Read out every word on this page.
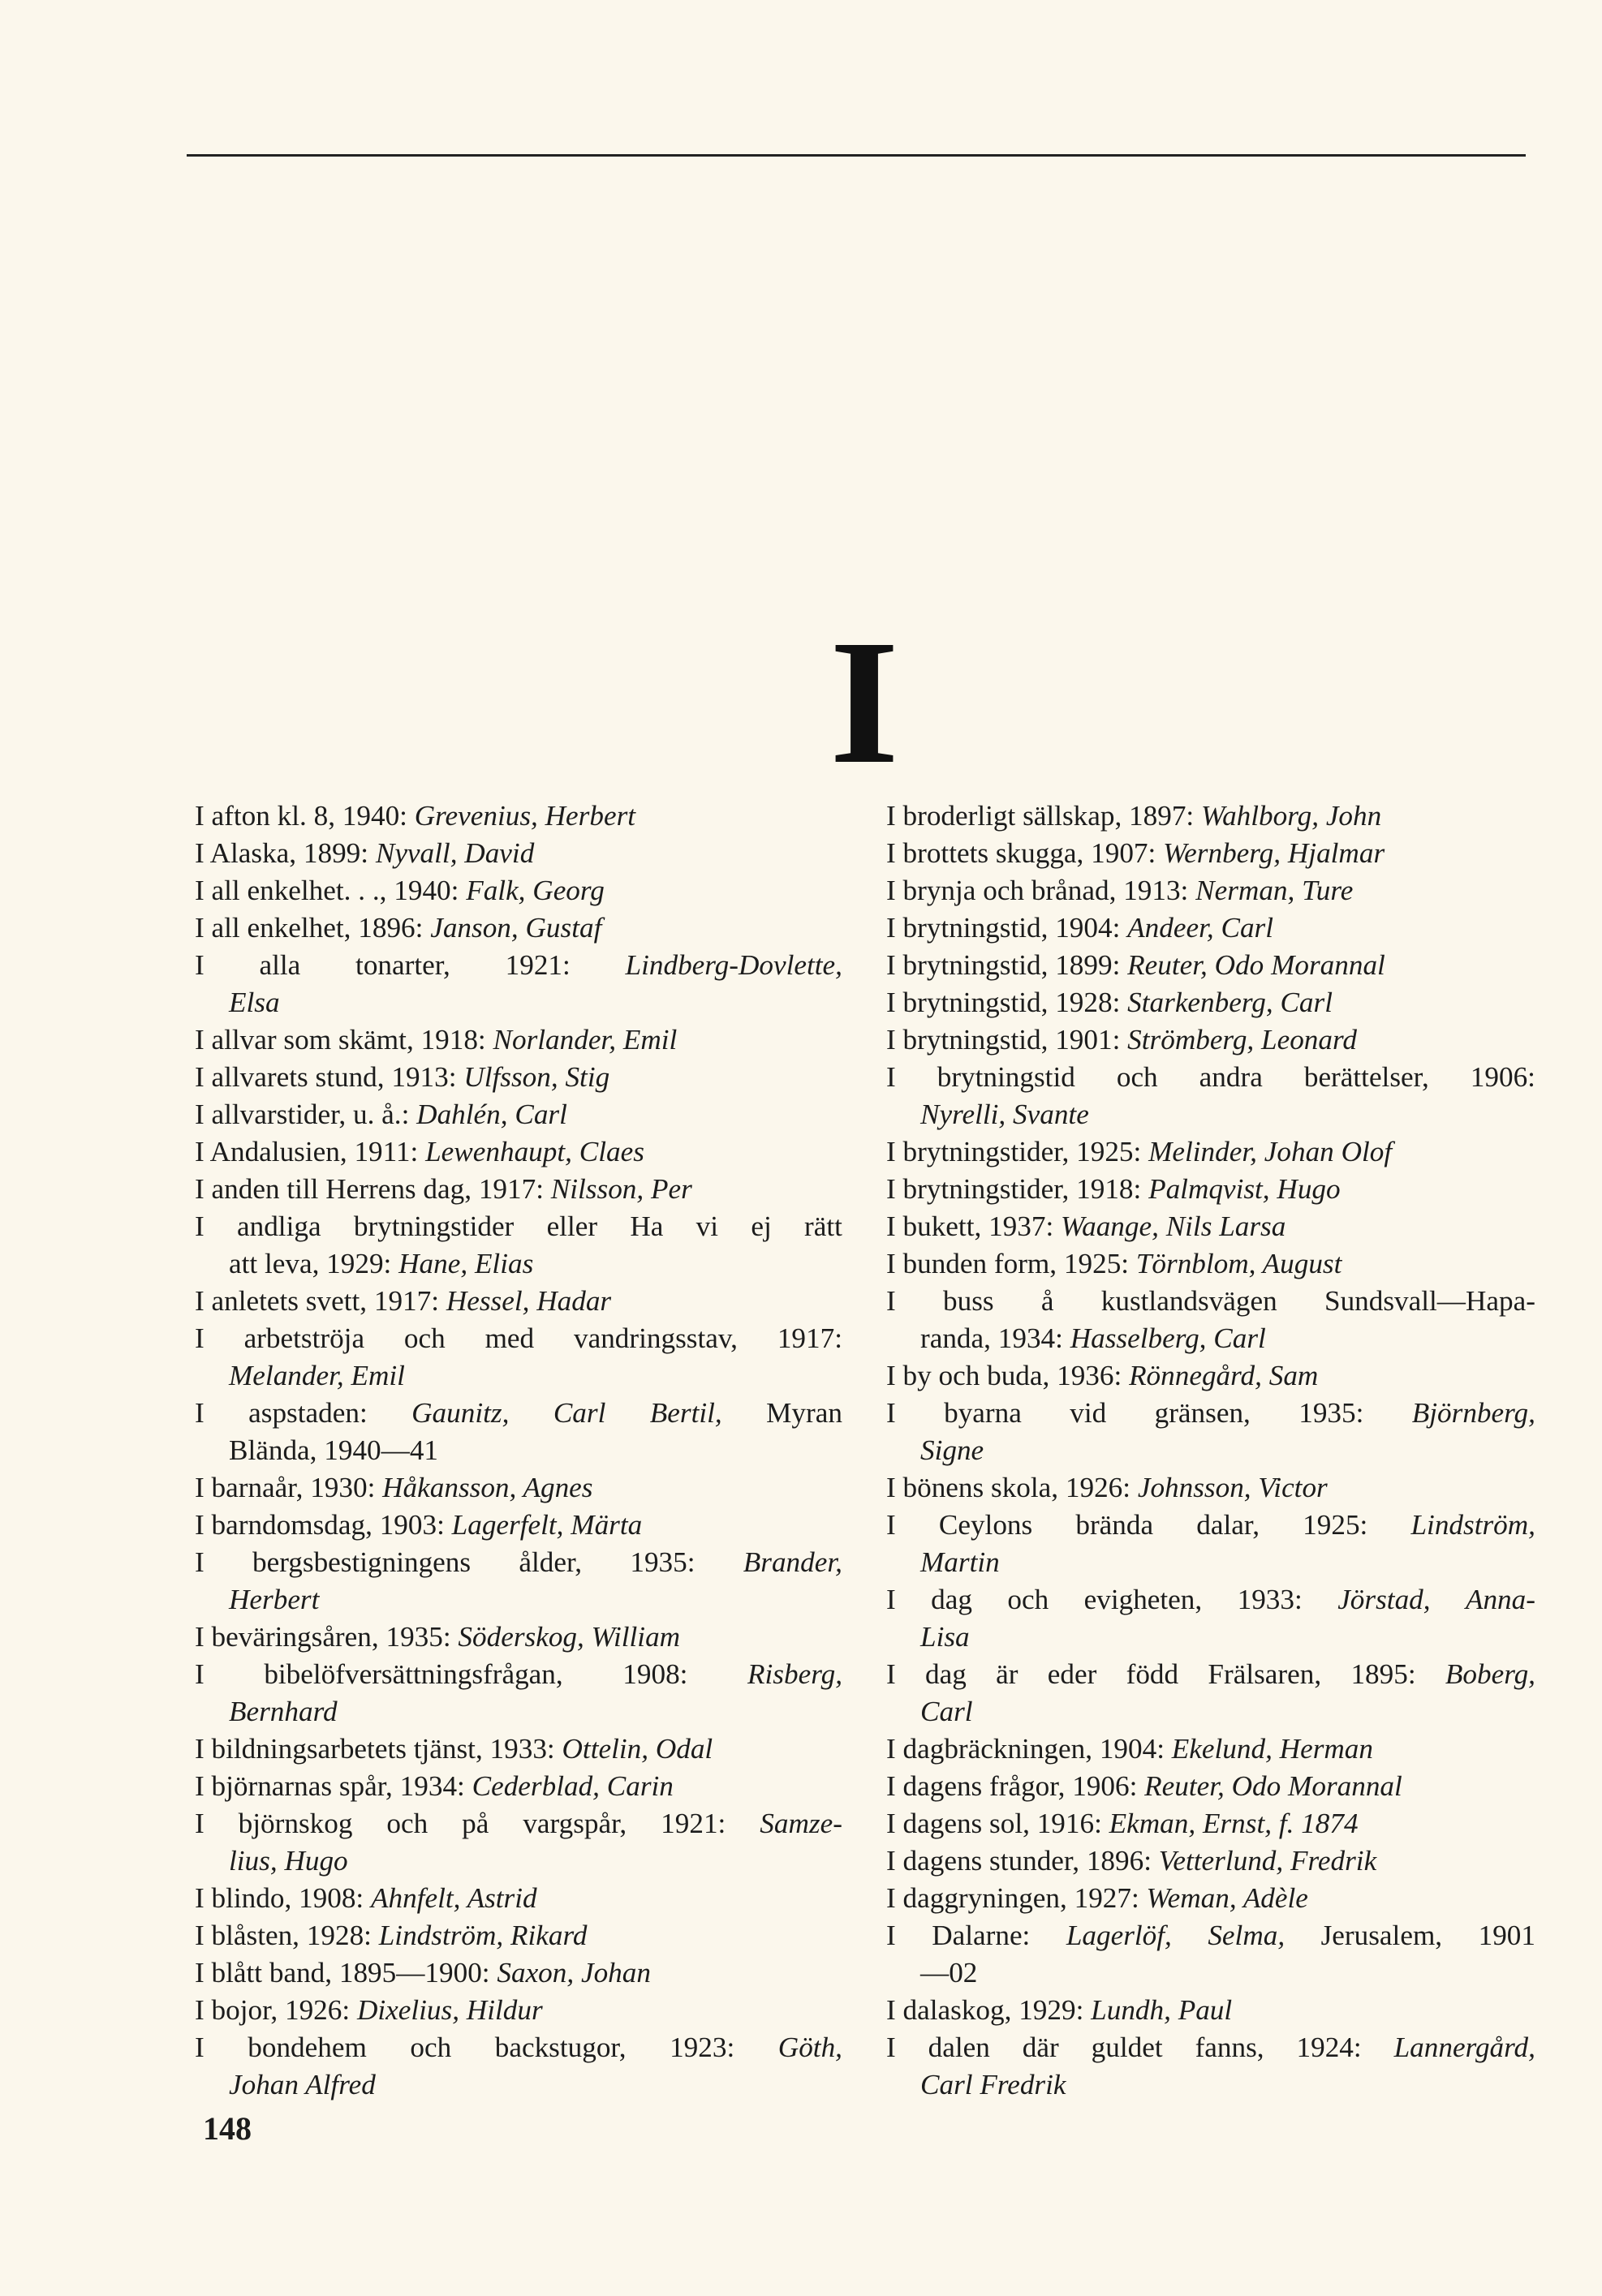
I
I afton kl. 8, 1940: Grevenius, Herbert
I Alaska, 1899: Nyvall, David
I all enkelhet. . ., 1940: Falk, Georg
I all enkelhet, 1896: Janson, Gustaf
I alla tonarter, 1921: Lindberg-Dovlette,
Elsa
I allvar som skämt, 1918: Norlander, Emil
I allvarets stund, 1913: Ulfsson, Stig
I allvarstider, u. å.: Dahlén, Carl
I Andalusien, 1911: Lewenhaupt, Claes
I anden till Herrens dag, 1917: Nilsson, Per
I andliga brytningstider eller Ha vi ej rätt
att leva, 1929: Hane, Elias
I anletets svett, 1917: Hessel, Hadar
I arbetströja och med vandringsstav, 1917:
Melander, Emil
I aspstaden: Gaunitz, Carl Bertil, Myran
Blända, 1940—41
I barnaår, 1930: Håkansson, Agnes
I barndomsdag, 1903: Lagerfelt, Märta
I bergsbestigningens ålder, 1935: Brander,
Herbert
I beväringsåren, 1935: Söderskog, William
I bibelöfversättningsfrågan, 1908: Risberg,
Bernhard
I bildningsarbetets tjänst, 1933: Ottelin, Odal
I björnarnas spår, 1934: Cederblad, Carin
I björnskog och på vargspår, 1921: Samze-
lius, Hugo
I blindo, 1908: Ahnfelt, Astrid
I blåsten, 1928: Lindström, Rikard
I blått band, 1895—1900: Saxon, Johan
I bojor, 1926: Dixelius, Hildur
I bondehem och backstugor, 1923: Göth,
Johan Alfred
I broderligt sällskap, 1897: Wahlborg, John
I brottets skugga, 1907: Wernberg, Hjalmar
I brynja och brånad, 1913: Nerman, Ture
I brytningstid, 1904: Andeer, Carl
I brytningstid, 1899: Reuter, Odo Morannal
I brytningstid, 1928: Starkenberg, Carl
I brytningstid, 1901: Strömberg, Leonard
I brytningstid och andra berättelser, 1906:
Nyrelli, Svante
I brytningstider, 1925: Melinder, Johan Olof
I brytningstider, 1918: Palmqvist, Hugo
I bukett, 1937: Waange, Nils Larsa
I bunden form, 1925: Törnblom, August
I buss å kustlandsvägen Sundsvall—Hapa-
randa, 1934: Hasselberg, Carl
I by och buda, 1936: Rönnegård, Sam
I byarna vid gränsen, 1935: Björnberg,
Signe
I bönens skola, 1926: Johnsson, Victor
I Ceylons brända dalar, 1925: Lindström,
Martin
I dag och evigheten, 1933: Jörstad, Anna-
Lisa
I dag är eder född Frälsaren, 1895: Boberg,
Carl
I dagbräckningen, 1904: Ekelund, Herman
I dagens frågor, 1906: Reuter, Odo Morannal
I dagens sol, 1916: Ekman, Ernst, f. 1874
I dagens stunder, 1896: Vetterlund, Fredrik
I daggryningen, 1927: Weman, Adèle
I Dalarne: Lagerlöf, Selma, Jerusalem, 1901
—02
I dalaskog, 1929: Lundh, Paul
I dalen där guldet fanns, 1924: Lannergård,
Carl Fredrik
148
